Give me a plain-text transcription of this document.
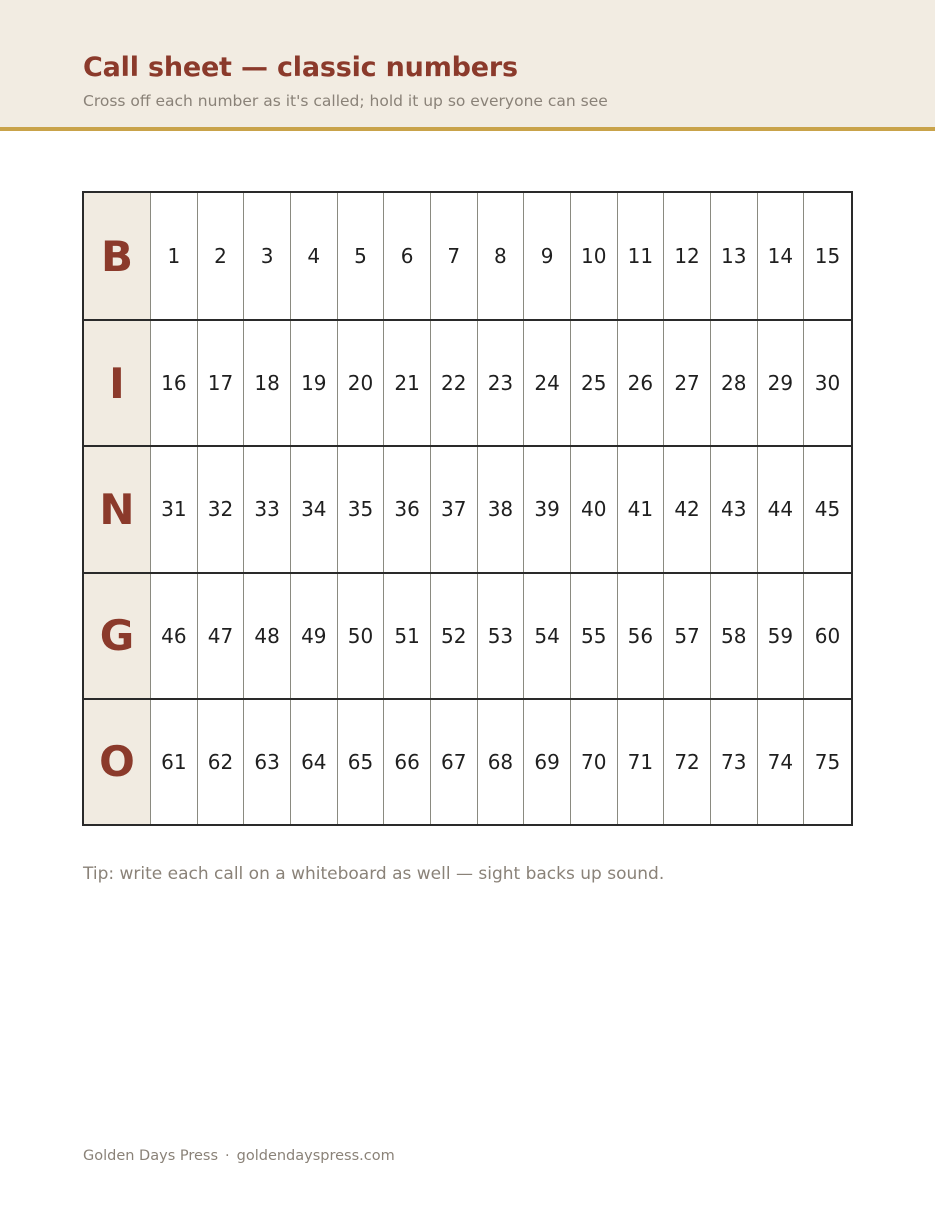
Call sheet — classic numbers
Cross off each number as it's called; hold it up so everyone can see
B	1	2	3	4	5	6	7	8	9	10	11	12	13	14	15
I	16	17	18	19	20	21	22	23	24	25	26	27	28	29	30
N	31	32	33	34	35	36	37	38	39	40	41	42	43	44	45
G	46	47	48	49	50	51	52	53	54	55	56	57	58	59	60
O	61	62	63	64	65	66	67	68	69	70	71	72	73	74	75
Tip: write each call on a whiteboard as well — sight backs up sound.
Golden Days Press · goldendayspress.com
